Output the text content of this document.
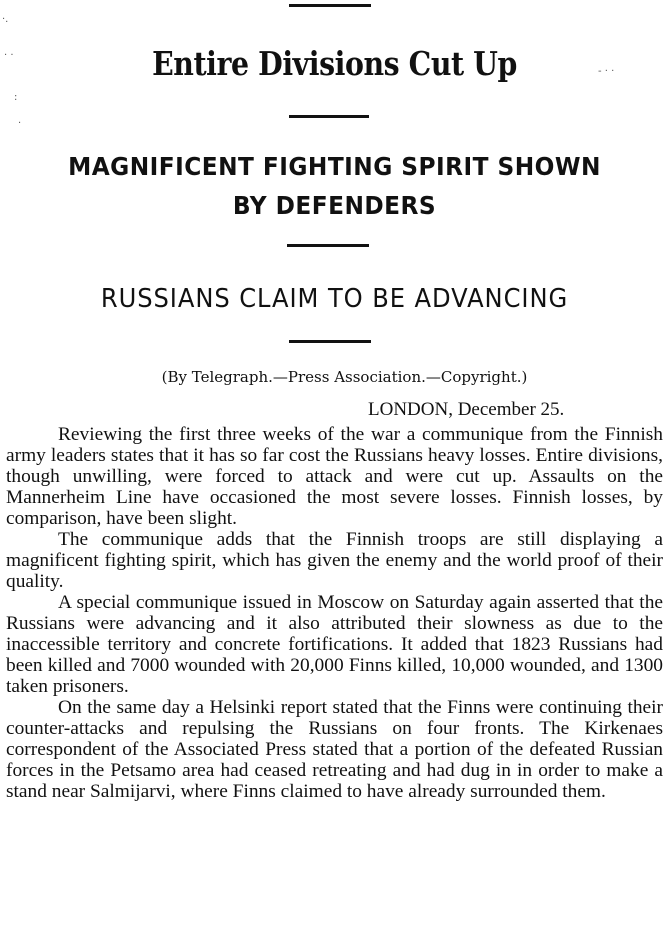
·.
· ·
:
·
- · ·
Entire Divisions Cut Up
MAGNIFICENT FIGHTING SPIRIT SHOWN
BY DEFENDERS
RUSSIANS CLAIM TO BE ADVANCING

(By Telegraph.—Press Association.—Copyright.)

LONDON, December 25.

Reviewing the first three weeks of the war a communique from the Finnish army leaders states that it has so far cost the Russians heavy losses. Entire divisions, though unwilling, were forced to attack and were cut up. Assaults on the Mannerheim Line have occasioned the most severe losses. Finnish losses, by comparison, have been slight.

The communique adds that the Finnish troops are still displaying a magnificent fighting spirit, which has given the enemy and the world proof of their quality.

A special communique issued in Moscow on Saturday again asserted that the Russians were advancing and it also attributed their slowness as due to the inaccessible territory and concrete fortifications. It added that 1823 Russians had been killed and 7000 wounded with 20,000 Finns killed, 10,000 wounded, and 1300 taken prisoners.

On the same day a Helsinki report stated that the Finns were continuing their counter-attacks and repulsing the Russians on four fronts. The Kirkenaes correspondent of the Associated Press stated that a portion of the defeated Russian forces in the Petsamo area had ceased retreating and had dug in in order to make a stand near Salmijarvi, where Finns claimed to have already surrounded them.
